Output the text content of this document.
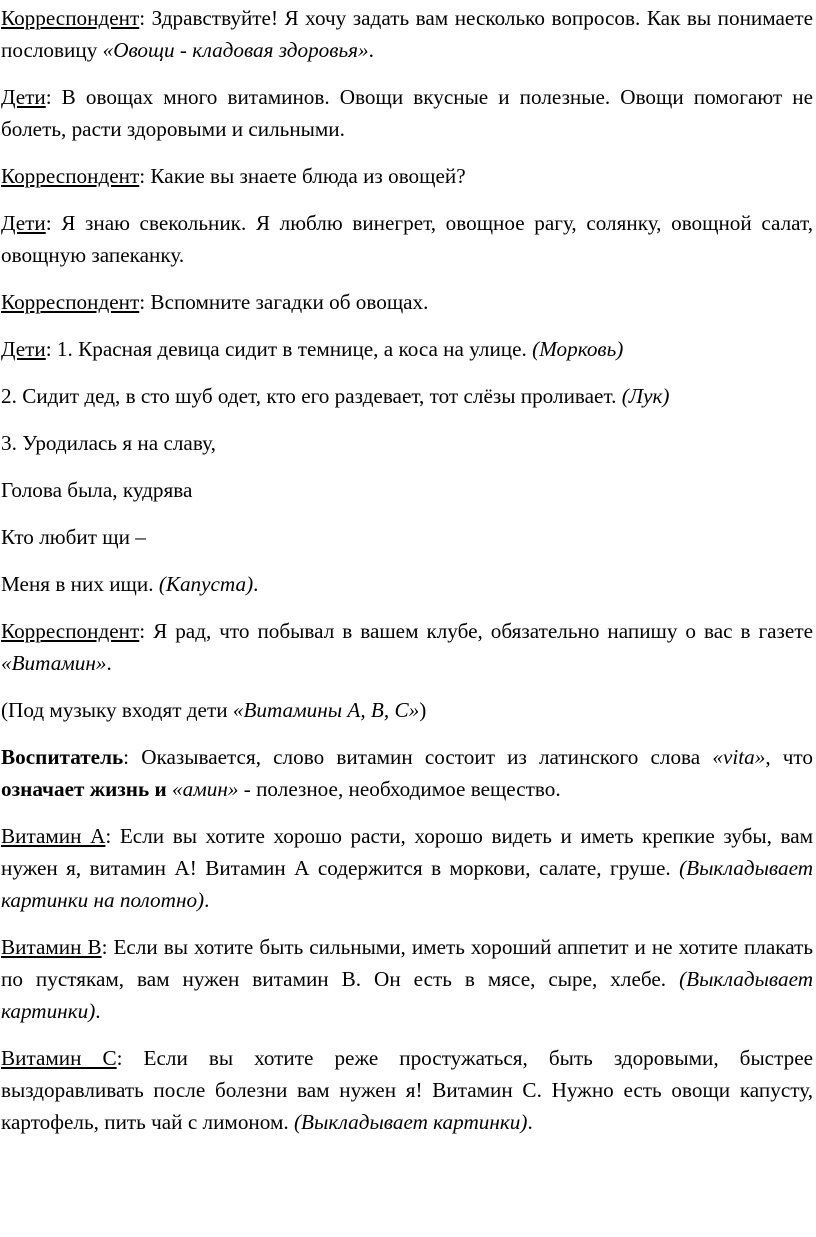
Корреспондент: Здравствуйте! Я хочу задать вам несколько вопросов. Как вы понимаете пословицу «Овощи - кладовая здоровья».

Дети: В овощах много витаминов. Овощи вкусные и полезные. Овощи помогают не болеть, расти здоровыми и сильными.

Корреспондент: Какие вы знаете блюда из овощей?

Дети: Я знаю свекольник. Я люблю винегрет, овощное рагу, солянку, овощной салат, овощную запеканку.

Корреспондент: Вспомните загадки об овощах.

Дети: 1. Красная девица сидит в темнице, а коса на улице. (Морковь)

2. Сидит дед, в сто шуб одет, кто его раздевает, тот слёзы проливает. (Лук)

3. Уродилась я на славу,

Голова была, кудрява

Кто любит щи –

Меня в них ищи. (Капуста).

Корреспондент: Я рад, что побывал в вашем клубе, обязательно напишу о вас в газете «Витамин».

(Под музыку входят дети «Витамины А, В, С»)

Воспитатель: Оказывается, слово витамин состоит из латинского слова «vita», что означает жизнь и «амин» - полезное, необходимое вещество.

Витамин А: Если вы хотите хорошо расти, хорошо видеть и иметь крепкие зубы, вам нужен я, витамин А! Витамин А содержится в моркови, салате, груше. (Выкладывает картинки на полотно).

Витамин В: Если вы хотите быть сильными, иметь хороший аппетит и не хотите плакать по пустякам, вам нужен витамин В. Он есть в мясе, сыре, хлебе. (Выкладывает картинки).

Витамин С: Если вы хотите реже простужаться, быть здоровыми, быстрее выздоравливать после болезни вам нужен я! Витамин С. Нужно есть овощи капусту, картофель, пить чай с лимоном. (Выкладывает картинки).
